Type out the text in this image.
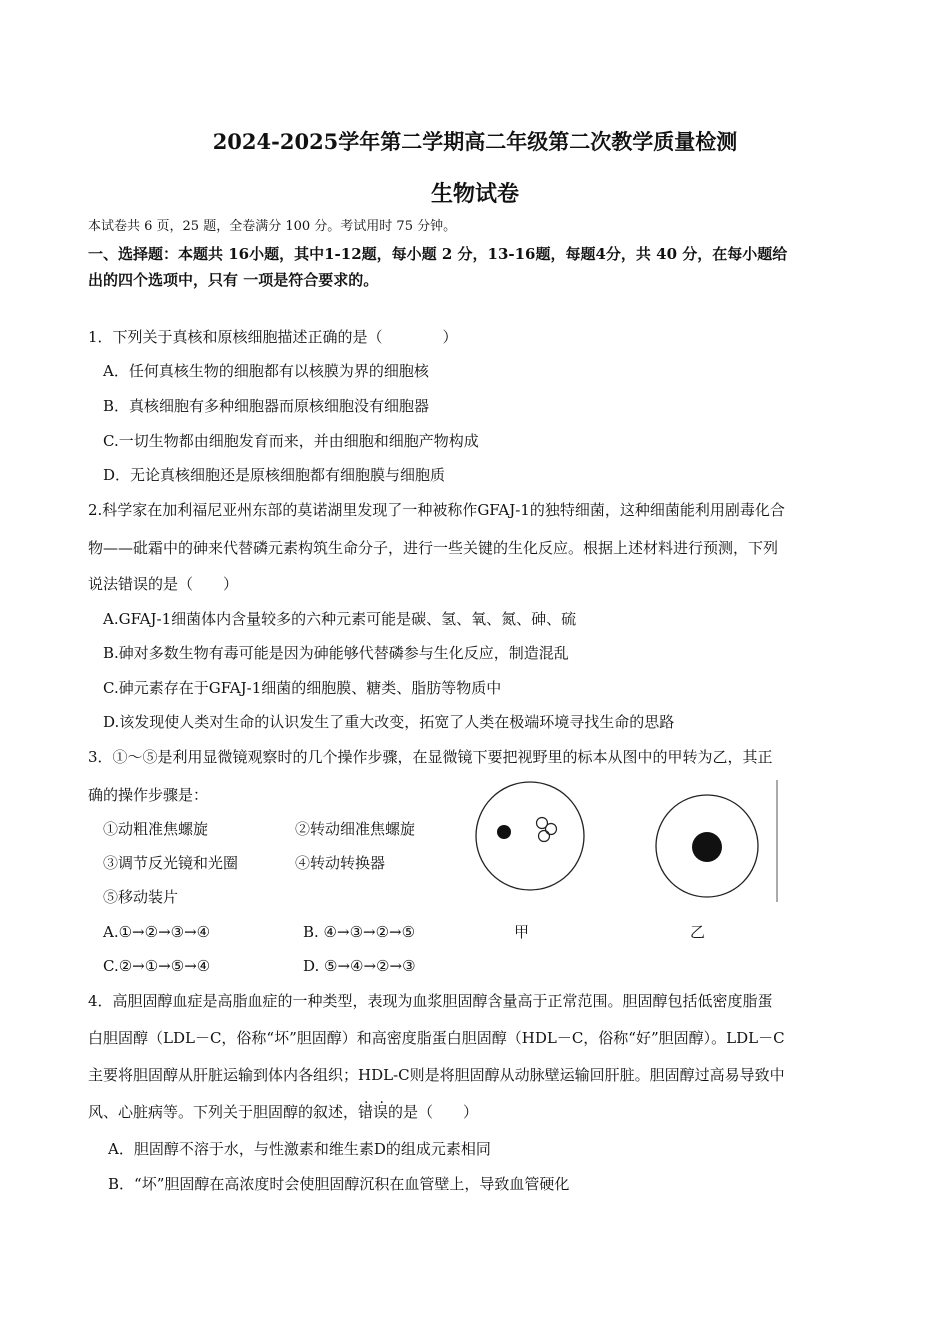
2024-2025学年第二学期高二年级第二次教学质量检测
生物试卷
本试卷共 6 页，25 题，全卷满分 100 分。考试用时 75 分钟。
一、选择题：本题共 16小题，其中1-12题，每小题 2 分，13-16题，每题4分，共 40 分，在每小题给
出的四个选项中，只有 一项是符合要求的。
1．下列关于真核和原核细胞描述正确的是（　　　　）
A．任何真核生物的细胞都有以核膜为界的细胞核
B．真核细胞有多种细胞器而原核细胞没有细胞器
C.一切生物都由细胞发育而来，并由细胞和细胞产物构成
D．无论真核细胞还是原核细胞都有细胞膜与细胞质
2.科学家在加利福尼亚州东部的莫诺湖里发现了一种被称作GFAJ-1的独特细菌，这种细菌能利用剧毒化合
物——砒霜中的砷来代替磷元素构筑生命分子，进行一些关键的生化反应。根据上述材料进行预测，下列
说法错误的是（　　）
A.GFAJ-1细菌体内含量较多的六种元素可能是碳、氢、氧、氮、砷、硫
B.砷对多数生物有毒可能是因为砷能够代替磷参与生化反应，制造混乱
C.砷元素存在于GFAJ-1细菌的细胞膜、糖类、脂肪等物质中
D.该发现使人类对生命的认识发生了重大改变，拓宽了人类在极端环境寻找生命的思路
3．①～⑤是利用显微镜观察时的几个操作步骤，在显微镜下要把视野里的标本从图中的甲转为乙，其正
确的操作步骤是：
①动粗准焦螺旋	②转动细准焦螺旋
③调节反光镜和光圈	④转动转换器
⑤移动装片
A.①→②→③→④	B. ④→③→②→⑤
C.②→①→⑤→④	D. ⑤→④→②→③
甲	乙
4．高胆固醇血症是高脂血症的一种类型，表现为血浆胆固醇含量高于正常范围。胆固醇包括低密度脂蛋
白胆固醇（LDL－C，俗称“坏”胆固醇）和高密度脂蛋白胆固醇（HDL－C，俗称“好”胆固醇）。LDL－C
主要将胆固醇从肝脏运输到体内各组织；HDL-C则是将胆固醇从动脉壁运输回肝脏。胆固醇过高易导致中
风、心脏病等。下列关于胆固醇的叙述，
..
错误的是（　　）
A．胆固醇不溶于水，与性激素和维生素D的组成元素相同
B．“坏”胆固醇在高浓度时会使胆固醇沉积在血管壁上，导致血管硬化
